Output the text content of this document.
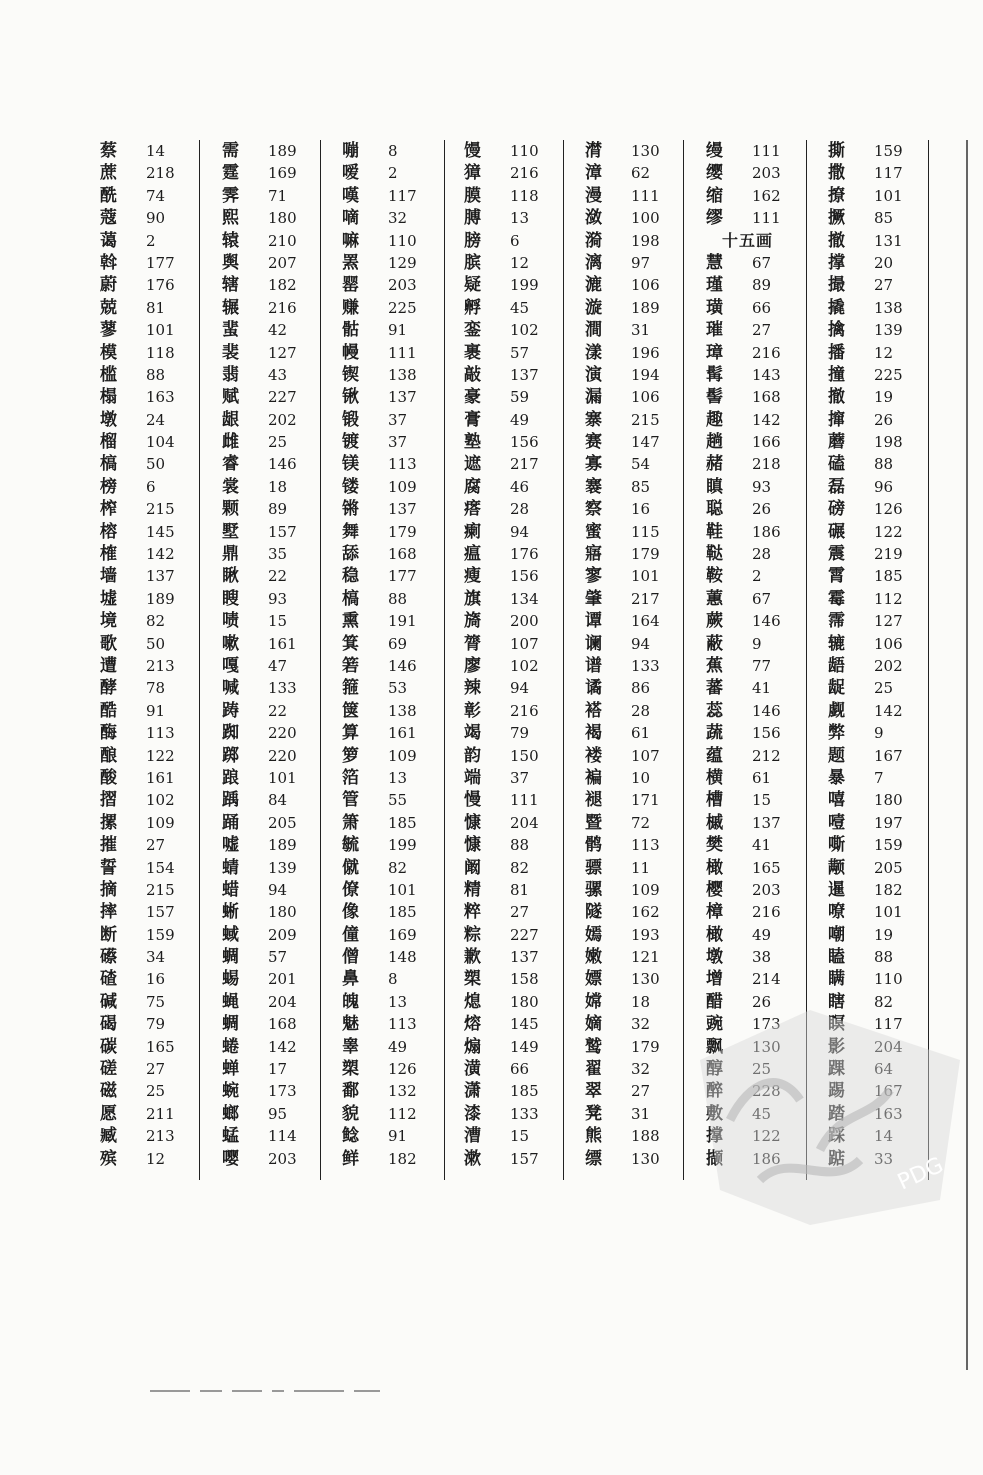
蔡 14
蔗 218
酰 74
蔻 90
蔼 2
斡 177
蔚 176
兢 81
蓼 101
模 118
槛 88
榻 163
墩 24
榴 104
槁 50
榜 6
榨 215
榕 145
榷 142
墙 137
墟 189
境 82
歌 50
遭 213
酵 78
酷 91
酶 113
酿 122
酸 161
摺 102
摞 109
摧 27
誓 154
摘 215
摔 157
断 159
礤 34
碴 16
碱 75
碣 79
碳 165
磋 27
磁 25
愿 211
臧 213
殡 12
需 189
霆 169
霁 71
熙 180
辕 210
舆 207
辖 182
辗 216
蜚 42
裴 127
翡 43
赋 227
龈 202
雌 25
睿 146
裳 18
颗 89
墅 157
鼎 35
瞅 22
瞍 93
啧 15
嗽 161
嘎 47
喊 133
踌 22
踟 220
踯 220
踉 101
踽 84
踊 205
嘘 189
蜻 139
蜡 94
蜥 180
蜮 209
蜩 57
蜴 201
蝇 204
蜩 168
蜷 142
蝉 17
蜿 173
螂 95
蜢 114
嘤 203
嘣 8
嗳 2
嘆 117
嘀 32
嘛 110
罴 129
罂 203
赚 225
骷 91
幔 111
锲 138
锹 137
锻 37
镀 37
镁 113
镂 109
锵 137
舞 179
舔 168
稳 177
槁 88
熏 191
箕 69
箬 146
箍 53
箧 138
算 161
箩 109
箔 13
管 55
箫 185
毓 199
僦 82
僚 101
像 185
僮 169
僧 148
鼻 8
魄 13
魅 113
睾 49
槊 126
鄱 132
貌 112
鲶 91
鲜 182
馒 110
獐 216
膜 118
膊 13
膀 6
膑 12
疑 199
孵 45
銮 102
裹 57
敲 137
豪 59
膏 49
塾 156
遮 217
腐 46
瘩 28
瘌 94
瘟 176
瘦 156
旗 134
旖 200
膂 107
廖 102
辣 94
彰 216
竭 79
韵 150
端 37
慢 111
慷 204
慷 88
阚 82
精 81
粹 27
粽 227
歉 137
槊 158
熄 180
熔 145
煽 149
潢 66
潇 185
漆 133
漕 15
漱 157
潸 130
漳 62
漫 111
潋 100
漪 198
漓 97
漉 106
漩 189
澗 31
漾 196
演 194
漏 106
寨 215
赛 147
寡 54
褰 85
察 16
蜜 115
寤 179
寥 101
肇 217
谭 164
谰 94
谱 133
谲 86
褡 28
褐 61
褛 107
褊 10
褪 171
暨 72
鹘 113
骠 11
骡 109
隧 162
嫣 193
嫩 121
嫖 130
嫦 18
嫡 32
鹫 179
翟 32
翠 27
凳 31
熊 188
缥 130
缦 111
缨 203
缩 162
缪 111
十五画
慧 67
瑾 89
璜 66
璀 27
璋 216
髯 143
髻 168
趣 142
趟 166
赭 218
瞋 93
聪 26
鞋 186
鞑 28
鞍 2
蕙 67
蕨 146
蔽 9
蕉 77
蕃 41
蕊 146
蔬 156
蕴 212
横 61
槽 15
槭 137
樊 41
橄 165
樱 203
樟 216
橄 49
墩 38
增 214
醋 26
豌 173
飘 130
醇 25
醉 228
敷 45
撑 122
撷 186
撕 159
撒 117
撩 101
撅 85
撤 131
撑 20
撮 27
撬 138
擒 139
播 12
撞 225
撤 19
撺 26
蘑 198
磕 88
磊 96
磅 126
碾 122
震 219
霄 185
霉 112
霈 127
辘 106
龉 202
龊 25
觑 142
弊 9
题 167
暴 7
嘻 180
噎 197
嘶 159
颟 205
暹 182
嘹 101
嘲 19
瞌 88
瞒 110
瞎 82
瞑 117
影 204
踝 64
踢 167
踏 163
踩 14
踮 33 PDG
